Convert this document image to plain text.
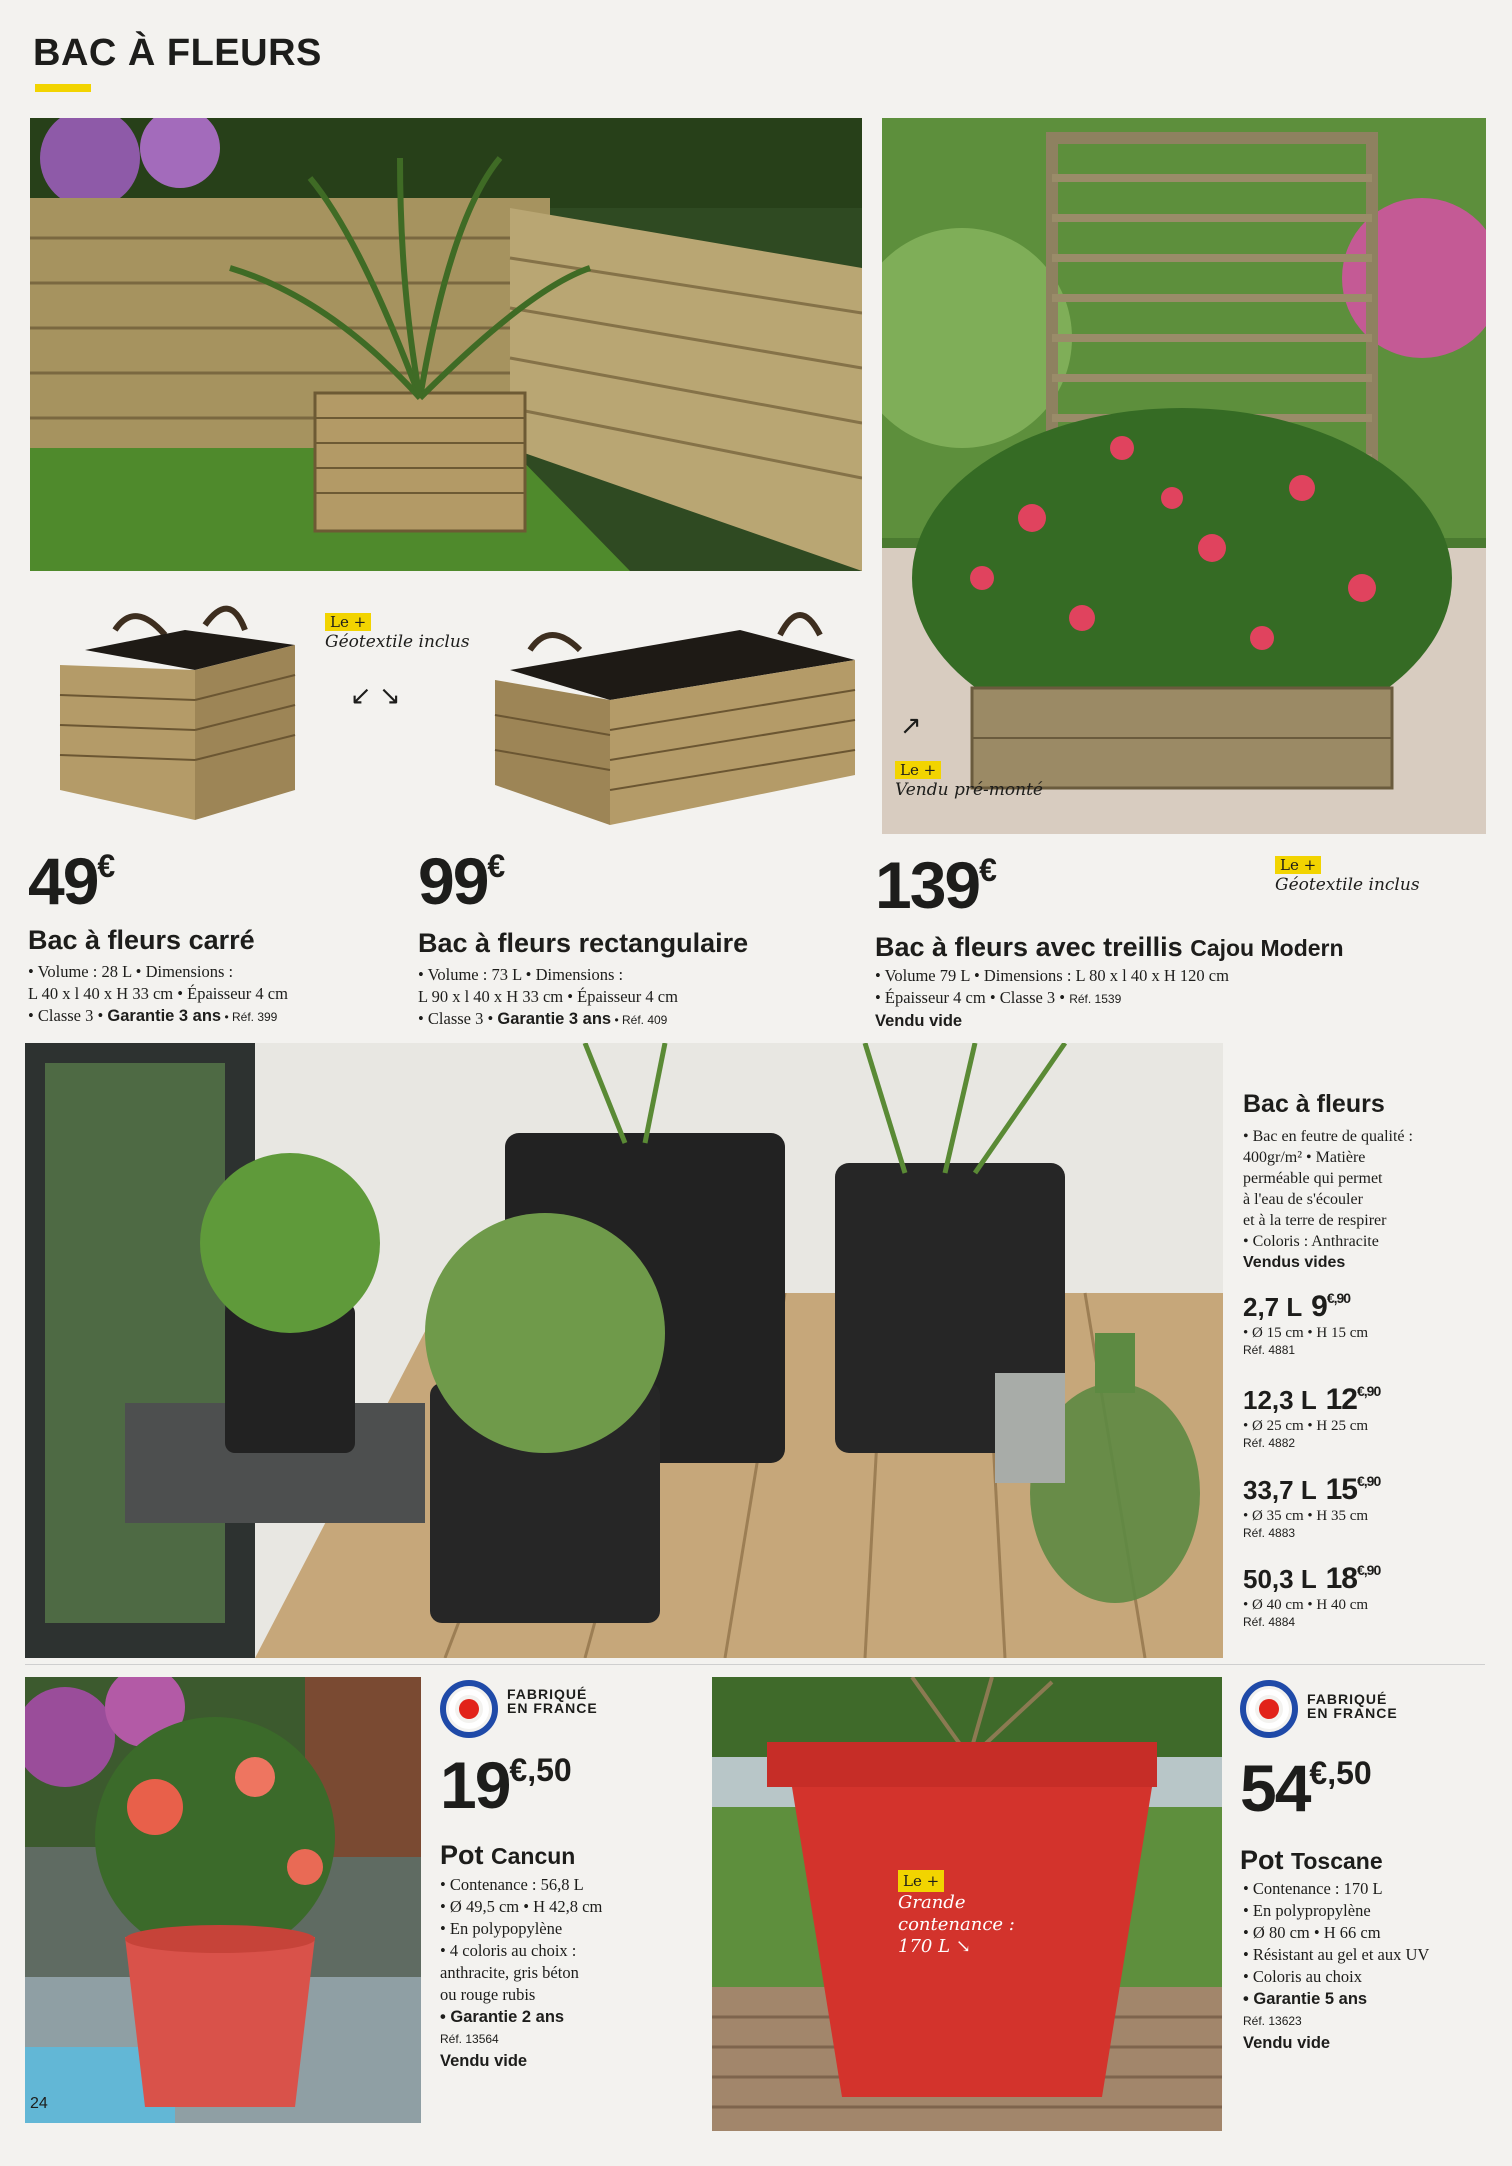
BAC À FLEURS
Le +
Géotextile inclus
↙ ↘
↗
Le +
Vendu pré-monté
49€
Bac à fleurs carré
• Volume : 28 L • Dimensions :
L 40 x l 40 x H 33 cm • Épaisseur 4 cm
• Classe 3 • Garantie 3 ans • Réf. 399
99€
Bac à fleurs rectangulaire
• Volume : 73 L • Dimensions :
L 90 x l 40 x H 33 cm • Épaisseur 4 cm
• Classe 3 • Garantie 3 ans • Réf. 409
139€	Le +
Géotextile inclus
Bac à fleurs avec treillis Cajou Modern
• Volume 79 L • Dimensions : L 80 x l 40 x H 120 cm
• Épaisseur 4 cm • Classe 3 • Réf. 1539
Vendu vide
Bac à fleurs
• Bac en feutre de qualité :
400gr/m² • Matière
perméable qui permet
à l'eau de s'écouler
et à la terre de respirer
• Coloris : Anthracite
Vendus vides
2,7 L $9^{€,90}$
• Ø 15 cm • H 15 cm
Réf. 4881
12,3 L $12^{€,90}$
• Ø 25 cm • H 25 cm
Réf. 4882
33,7 L $15^{€,90}$
• Ø 35 cm • H 35 cm
Réf. 4883
50,3 L $18^{€,90}$
• Ø 40 cm • H 40 cm
Réf. 4884
24
FABRIQUÉ
EN FRANCE
$19^{€,50}$
Pot Cancun
• Contenance : 56,8 L
• Ø 49,5 cm • H 42,8 cm
• En polypopylène
• 4 coloris au choix :
anthracite, gris béton
ou rouge rubis
• Garantie 2 ans
Réf. 13564
Vendu vide
Le +
Grande
contenance :
170 L ↘
FABRIQUÉ
EN FRANCE
$54^{€,50}$
Pot Toscane
• Contenance : 170 L
• En polypropylène
• Ø 80 cm • H 66 cm
• Résistant au gel et aux UV
• Coloris au choix
• Garantie 5 ans
Réf. 13623
Vendu vide
